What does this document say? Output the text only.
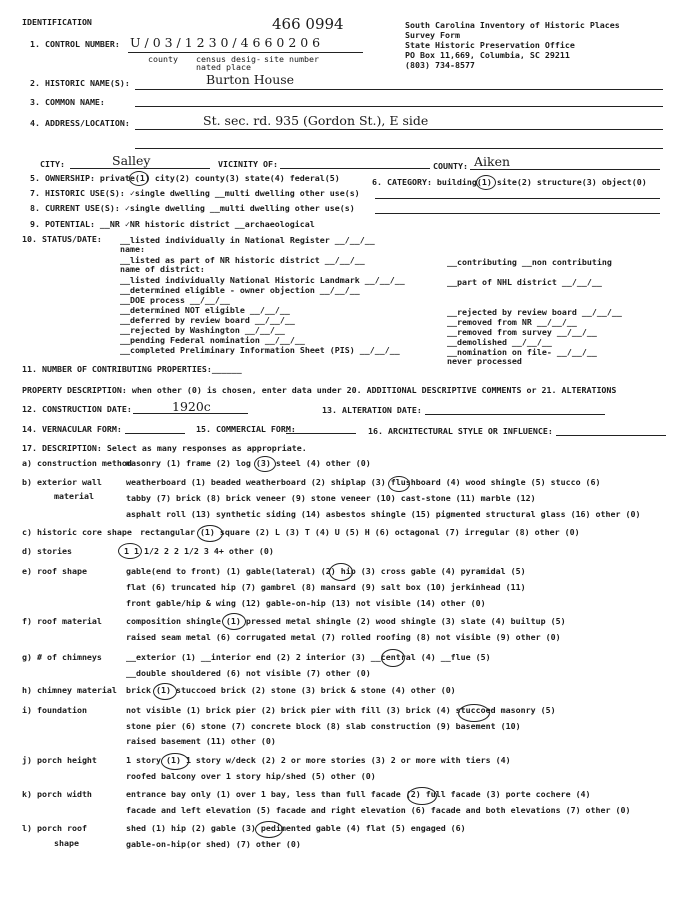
IDENTIFICATION	466 0994	South Carolina Inventory of Historic Places
Survey Form
State Historic Preservation Office
PO Box 11,669, Columbia, SC 29211
(803) 734-8577
1. CONTROL NUMBER: U / 0 3 / 1 2 3 0 / 4 6 6 0 2 0 6
county census desig-
nated place
site number
2. HISTORIC NAME(S):	Burton House
3. COMMON NAME:
4. ADDRESS/LOCATION:	St. sec. rd. 935 (Gordon St.), E side
CITY:	Salley	VICINITY OF:	COUNTY: Aiken
5. OWNERSHIP: private(1) city(2) county(3) state(4) federal(5)	6. CATEGORY: building(1) site(2) structure(3) object(0)
7. HISTORIC USE(S): ✓single dwelling __multi dwelling other use(s)
8. CURRENT USE(S): ✓single dwelling __multi dwelling other use(s)
9. POTENTIAL: __NR ✓NR historic district __archaeological
10. STATUS/DATE: __listed individually in National Register __/__/__
name:
__listed as part of NR historic district __/__/__
name of district:
__listed individually National Historic Landmark __/__/__
__determined eligible - owner objection __/__/__
__DOE process __/__/__
__determined NOT eligible __/__/__
__deferred by review board __/__/__
__rejected by Washington __/__/__
__pending Federal nomination __/__/__
__completed Preliminary Information Sheet (PIS) __/__/__
__contributing __non contributing
__part of NHL district __/__/__
__rejected by review board __/__/__
__removed from NR __/__/__
__removed from survey __/__/__
__demolished __/__/__
__nomination on file- __/__/__
never processed
11. NUMBER OF CONTRIBUTING PROPERTIES:______
PROPERTY DESCRIPTION: when other (0) is chosen, enter data under 20. ADDITIONAL DESCRIPTIVE COMMENTS or 21. ALTERATIONS
12. CONSTRUCTION DATE:	1920c	13. ALTERATION DATE:
14. VERNACULAR FORM:	15. COMMERCIAL FORM:	16. ARCHITECTURAL STYLE OR INFLUENCE:
17. DESCRIPTION: Select as many responses as appropriate.
a) construction method
masonry (1) frame (2) log (3) steel (4) other (0)
b) exterior wall
material
weatherboard (1) beaded weatherboard (2) shiplap (3) flushboard (4) wood shingle (5) stucco (6)
tabby (7) brick (8) brick veneer (9) stone veneer (10) cast-stone (11) marble (12)
asphalt roll (13) synthetic siding (14) asbestos shingle (15) pigmented structural glass (16) other (0)
c) historic core shape rectangular (1) square (2) L (3) T (4) U (5) H (6) octagonal (7) irregular (8) other (0)
d) stories	1 1 1/2 2 2 1/2 3 4+ other (0)
e) roof shape	gable(end to front) (1) gable(lateral) (2) hip (3) cross gable (4) pyramidal (5)
flat (6) truncated hip (7) gambrel (8) mansard (9) salt box (10) jerkinhead (11)
front gable/hip & wing (12) gable-on-hip (13) not visible (14) other (0)
f) roof material	composition shingle (1) pressed metal shingle (2) wood shingle (3) slate (4) builtup (5)
raised seam metal (6) corrugated metal (7) rolled roofing (8) not visible (9) other (0)
g) # of chimneys	__exterior (1) __interior end (2) 2 interior (3) __central (4) __flue (5)
__double shouldered (6) not visible (7) other (0)
h) chimney material brick (1) stuccoed brick (2) stone (3) brick & stone (4) other (0)
i) foundation	not visible (1) brick pier (2) brick pier with fill (3) brick (4) stuccoed masonry (5)
stone pier (6) stone (7) concrete block (8) slab construction (9) basement (10)
raised basement (11) other (0)
j) porch height	1 story (1) 1 story w/deck (2) 2 or more stories (3) 2 or more with tiers (4)
roofed balcony over 1 story hip/shed (5) other (0)
k) porch width	entrance bay only (1) over 1 bay, less than full facade (2) full facade (3) porte cochere (4)
facade and left elevation (5) facade and right elevation (6) facade and both elevations (7) other (0)
l) porch roof
shape
shed (1) hip (2) gable (3) pedimented gable (4) flat (5) engaged (6)
gable-on-hip(or shed) (7) other (0)
